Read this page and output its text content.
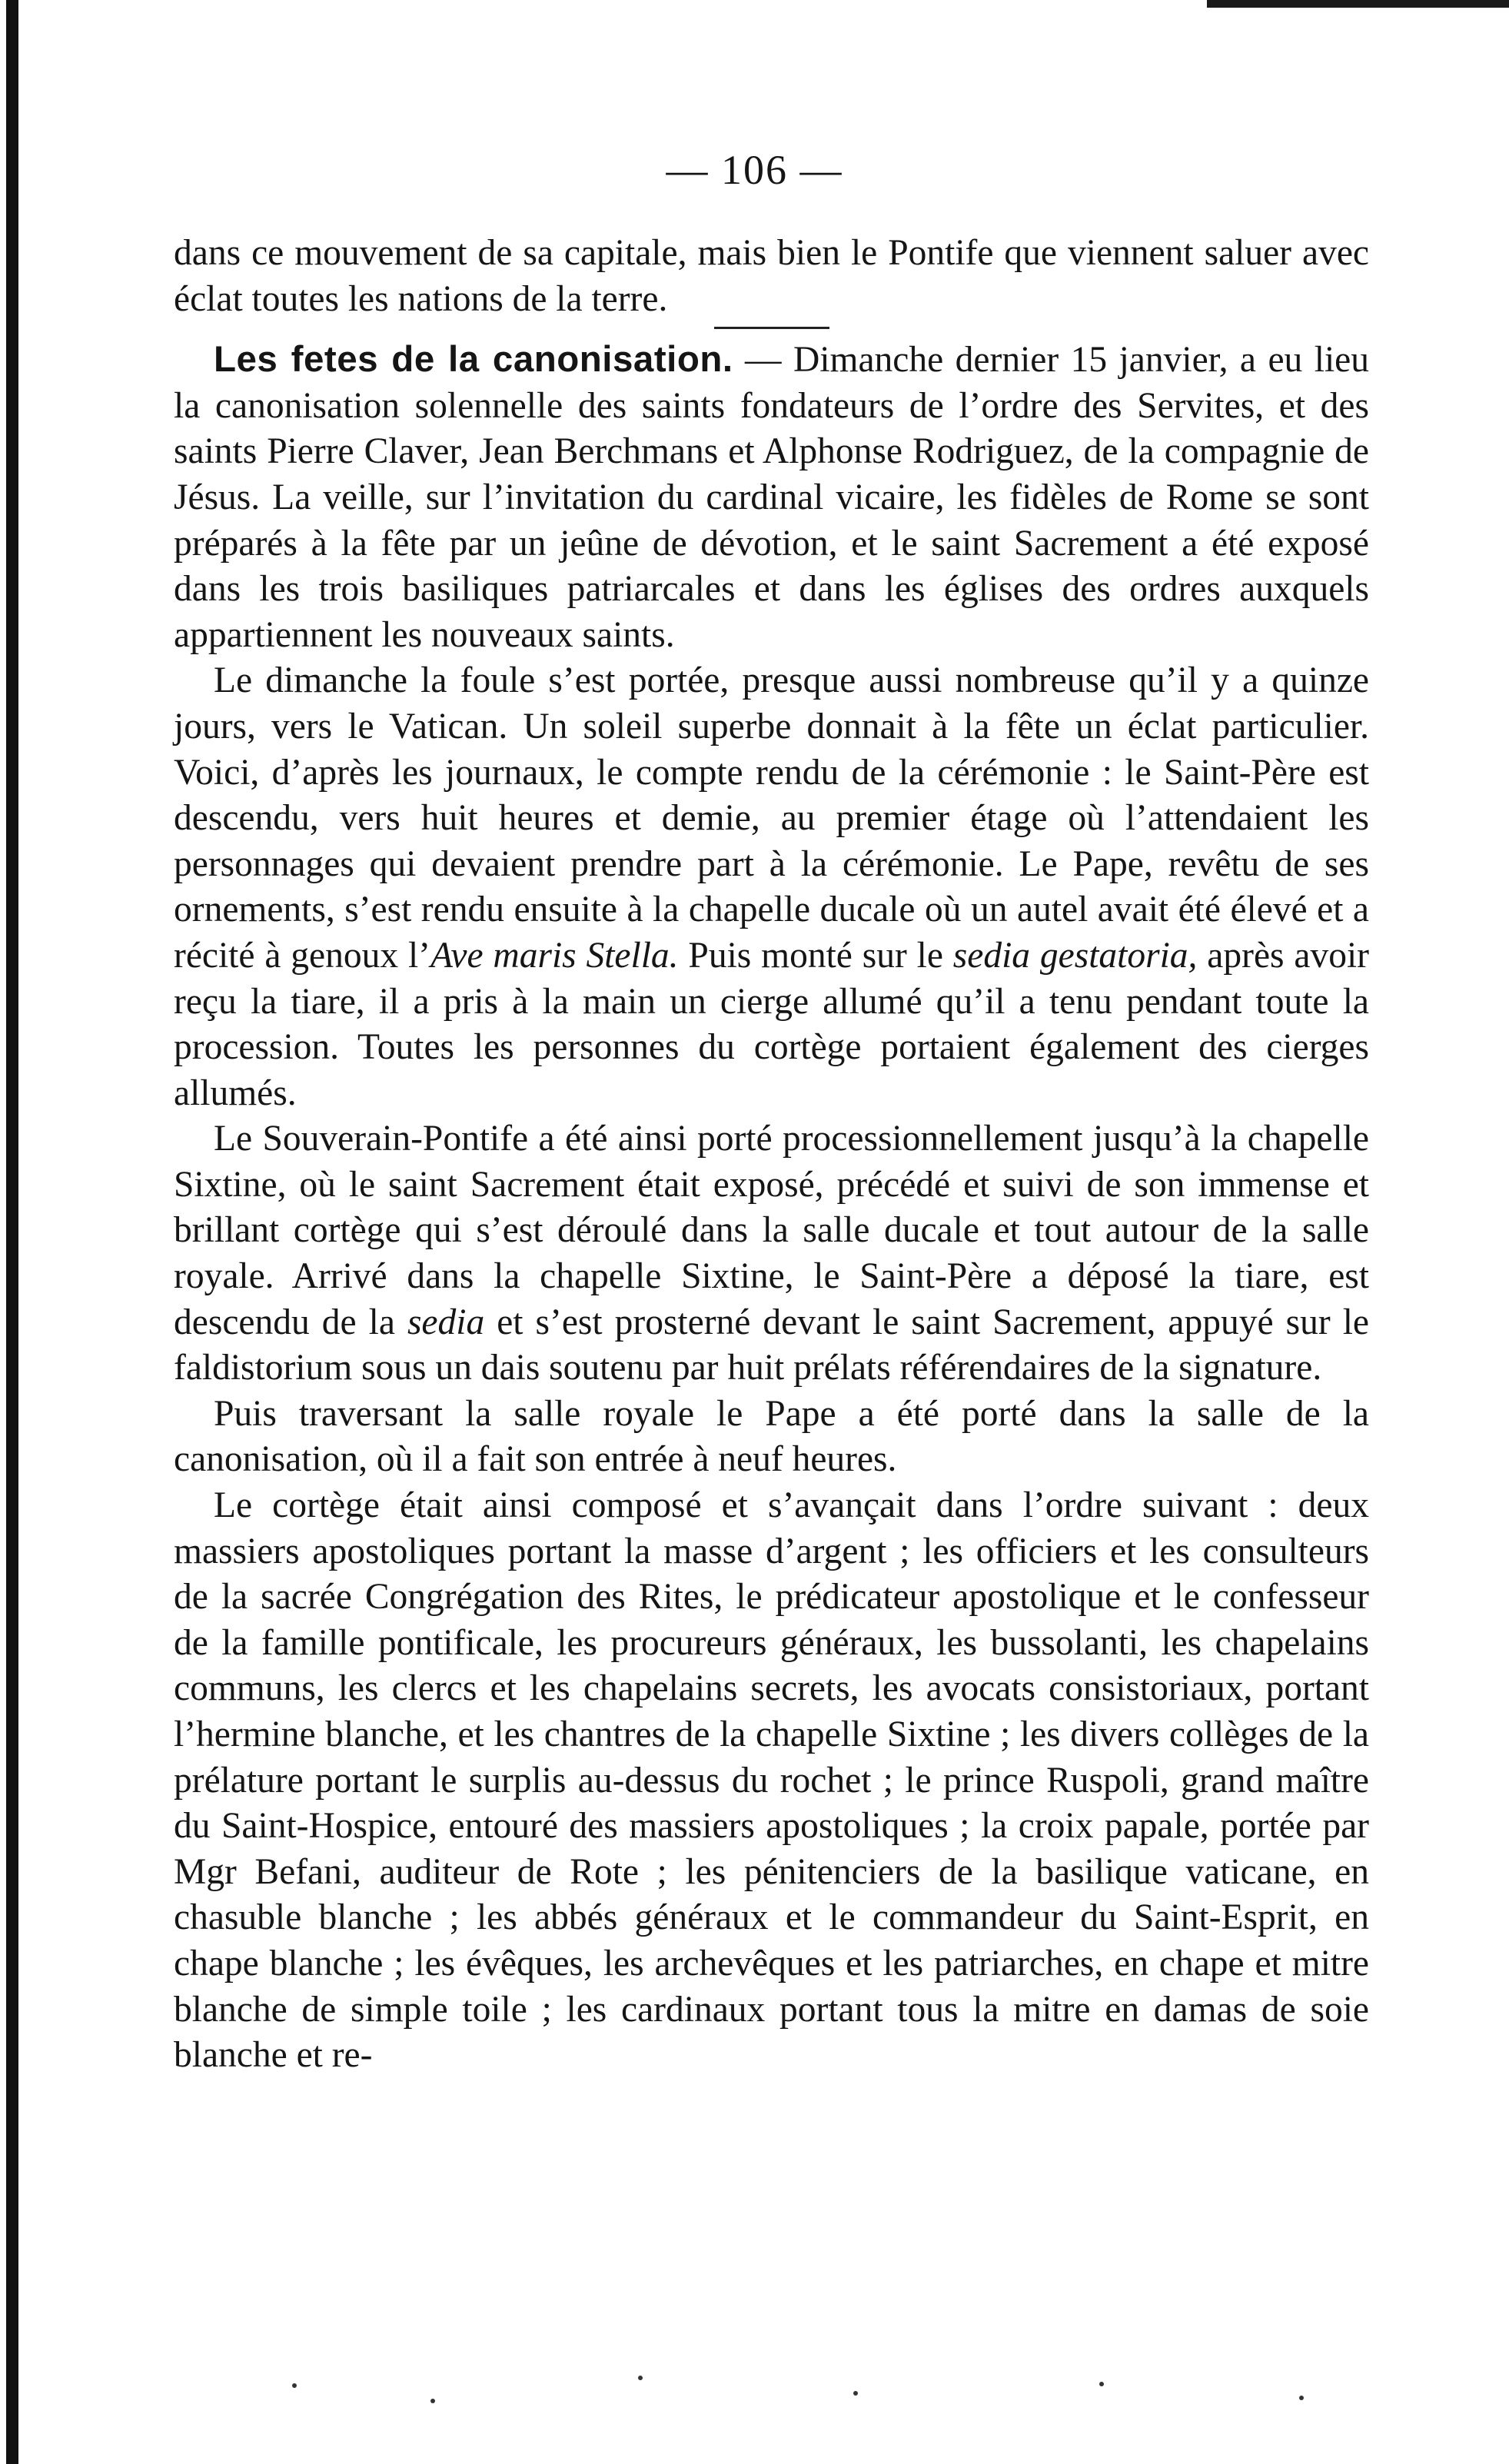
— 106 —

dans ce mouvement de sa capitale, mais bien le Pontife que viennent saluer avec éclat toutes les nations de la terre.

Les fetes de la canonisation. — Dimanche dernier 15 janvier, a eu lieu la canonisation solennelle des saints fondateurs de l’ordre des Servites, et des saints Pierre Claver, Jean Berchmans et Alphonse Rodriguez, de la compagnie de Jésus. La veille, sur l’invitation du cardinal vicaire, les fidèles de Rome se sont préparés à la fête par un jeûne de dévotion, et le saint Sacrement a été exposé dans les trois basiliques patriarcales et dans les églises des ordres auxquels appartiennent les nouveaux saints.

Le dimanche la foule s’est portée, presque aussi nombreuse qu’il y a quinze jours, vers le Vatican. Un soleil superbe donnait à la fête un éclat particulier. Voici, d’après les journaux, le compte rendu de la cérémonie : le Saint-Père est descendu, vers huit heures et demie, au premier étage où l’attendaient les personnages qui devaient prendre part à la cérémonie. Le Pape, revêtu de ses ornements, s’est rendu ensuite à la chapelle ducale où un autel avait été élevé et a récité à genoux l’Ave maris Stella. Puis monté sur le sedia gestatoria, après avoir reçu la tiare, il a pris à la main un cierge allumé qu’il a tenu pendant toute la procession. Toutes les personnes du cortège portaient également des cierges allumés.

Le Souverain-Pontife a été ainsi porté processionnellement jusqu’à la chapelle Sixtine, où le saint Sacrement était exposé, précédé et suivi de son immense et brillant cortège qui s’est déroulé dans la salle ducale et tout autour de la salle royale. Arrivé dans la chapelle Sixtine, le Saint-Père a déposé la tiare, est descendu de la sedia et s’est prosterné devant le saint Sacrement, appuyé sur le faldistorium sous un dais soutenu par huit prélats référendaires de la signature.

Puis traversant la salle royale le Pape a été porté dans la salle de la canonisation, où il a fait son entrée à neuf heures.

Le cortège était ainsi composé et s’avançait dans l’ordre suivant : deux massiers apostoliques portant la masse d’argent ; les officiers et les consulteurs de la sacrée Congrégation des Rites, le prédicateur apostolique et le confesseur de la famille pontificale, les procureurs généraux, les bussolanti, les chapelains communs, les clercs et les chapelains secrets, les avocats consistoriaux, portant l’hermine blanche, et les chantres de la chapelle Sixtine ; les divers collèges de la prélature portant le surplis au-dessus du rochet ; le prince Ruspoli, grand maître du Saint-Hospice, entouré des massiers apostoliques ; la croix papale, portée par Mgr Befani, auditeur de Rote ; les pénitenciers de la basilique vaticane, en chasuble blanche ; les abbés généraux et le commandeur du Saint-Esprit, en chape blanche ; les évêques, les archevêques et les patriarches, en chape et mitre blanche de simple toile ; les cardinaux portant tous la mitre en damas de soie blanche et re-
